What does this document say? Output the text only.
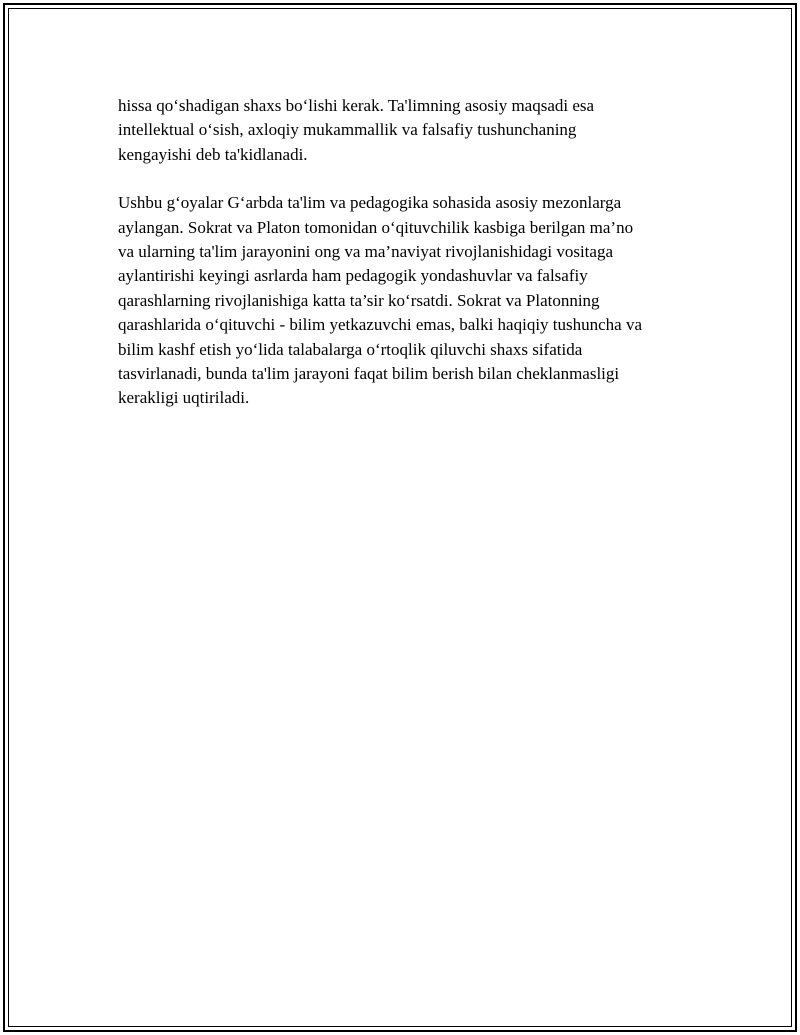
hissa qo‘shadigan shaxs bo‘lishi kerak. Ta'limning asosiy maqsadi esa
intellektual o‘sish, axloqiy mukammallik va falsafiy tushunchaning
kengayishi deb ta'kidlanadi.

Ushbu g‘oyalar G‘arbda ta'lim va pedagogika sohasida asosiy mezonlarga
aylangan. Sokrat va Platon tomonidan o‘qituvchilik kasbiga berilgan ma’no
va ularning ta'lim jarayonini ong va ma’naviyat rivojlanishidagi vositaga
aylantirishi keyingi asrlarda ham pedagogik yondashuvlar va falsafiy
qarashlarning rivojlanishiga katta ta’sir ko‘rsatdi. Sokrat va Platonning
qarashlarida o‘qituvchi - bilim yetkazuvchi emas, balki haqiqiy tushuncha va
bilim kashf etish yo‘lida talabalarga o‘rtoqlik qiluvchi shaxs sifatida
tasvirlanadi, bunda ta'lim jarayoni faqat bilim berish bilan cheklanmasligi
kerakligi uqtiriladi.
